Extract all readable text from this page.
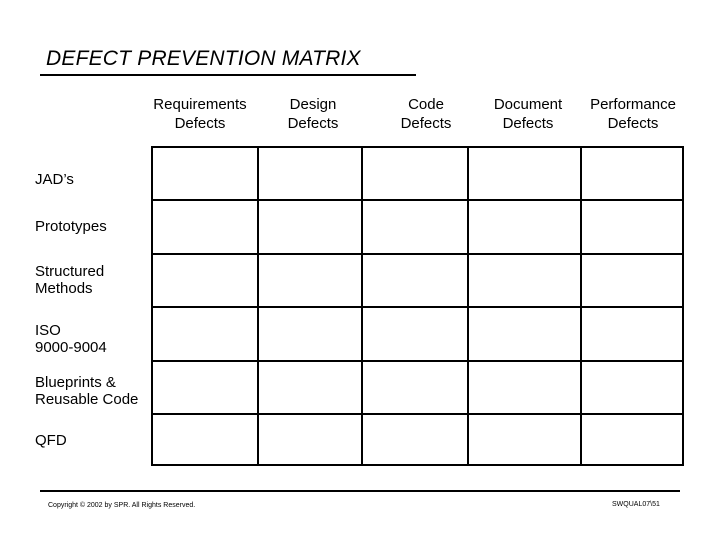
DEFECT PREVENTION MATRIX
Requirements
Defects
Design
Defects
Code
Defects
Document
Defects
Performance
Defects
JAD’s
Prototypes
Structured
Methods
ISO
9000-9004
Blueprints &
Reusable Code
QFD
Copyright © 2002 by SPR. All Rights Reserved.	SWQUAL07\51
